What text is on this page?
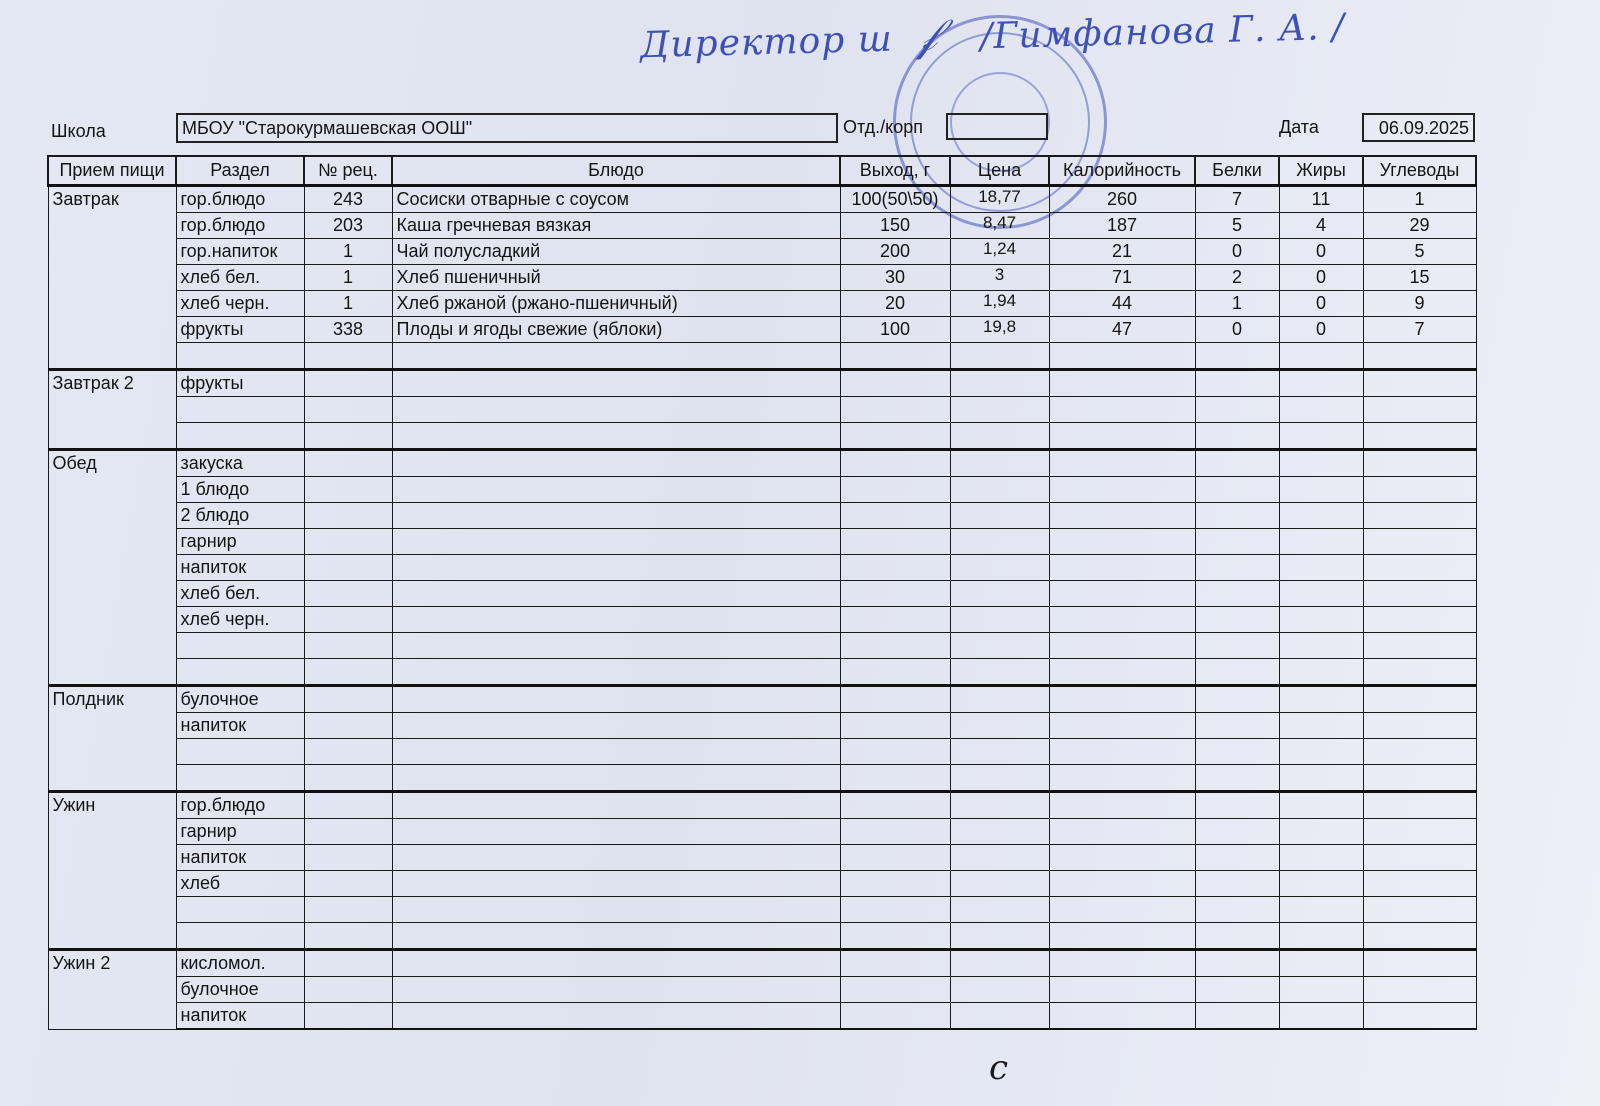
Директор ш 𝒻 /Гимфанова Г. А. /
Школа	МБОУ "Старокурмашевская ООШ"	Отд./корп	Дата	06.09.2025
Прием пищи	Раздел	№ рец.	Блюдо	Выход, г	Цена	Калорийность	Белки	Жиры	Углеводы
Завтрак	гор.блюдо	243	Сосиски отварные с соусом	100(50\50)	18,77	260	7	11	1
	гор.блюдо	203	Каша гречневая вязкая	150	8,47	187	5	4	29
	гор.напиток	1	Чай полусладкий	200	1,24	21	0	0	5
	хлеб бел.	1	Хлеб пшеничный	30	3	71	2	0	15
	хлеб черн.	1	Хлеб ржаной (ржано-пшеничный)	20	1,94	44	1	0	9
	фрукты	338	Плоды и ягоды свежие (яблоки)	100	19,8	47	0	0	7

Завтрак 2	фрукты								

Обед	закуска								
	1 блюдо								
	2 блюдо								
	гарнир								
	напиток								
	хлеб бел.								
	хлеб черн.								

Полдник	булочное								
	напиток								

Ужин	гор.блюдо								
	гарнир								
	напиток								
	хлеб								

Ужин 2	кисломол.								
	булочное								
	напиток								
с
